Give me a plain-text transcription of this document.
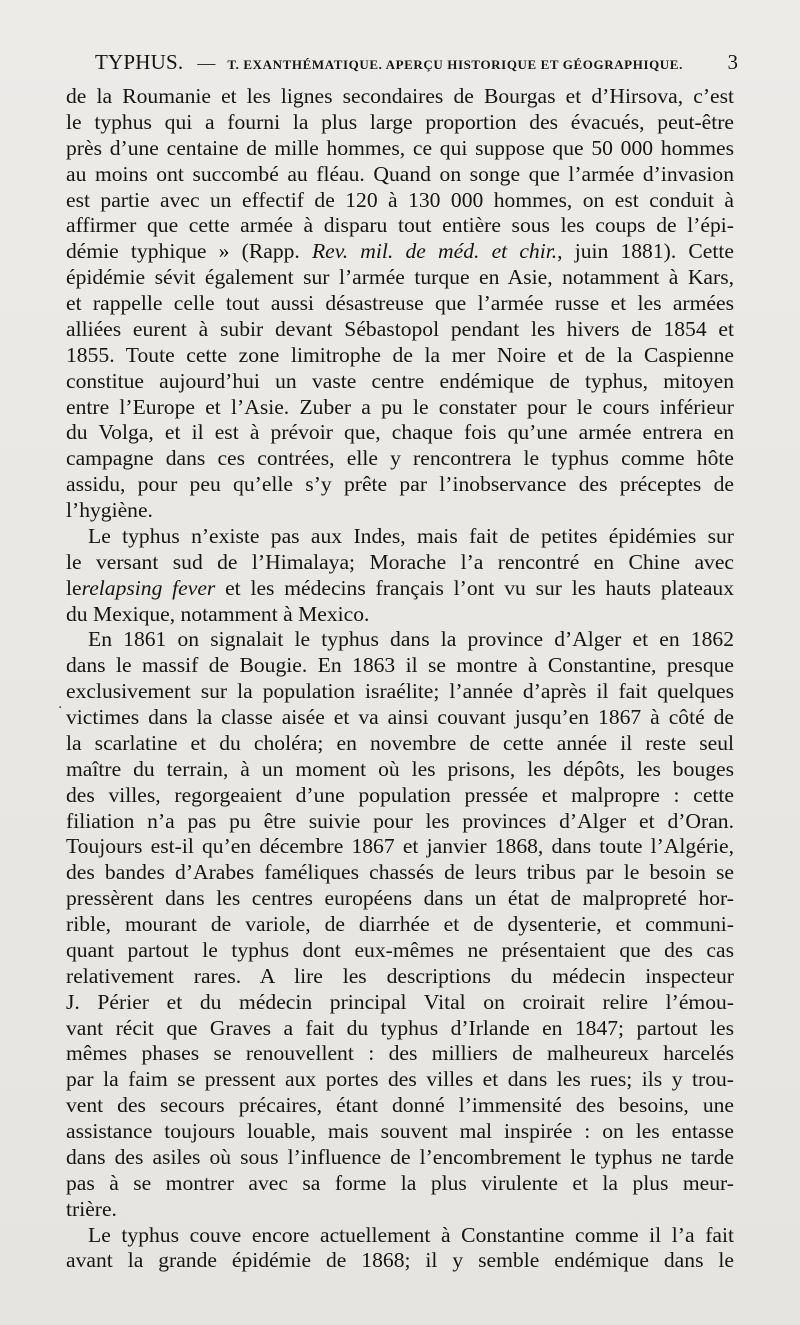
TYPHUS. — T. EXANTHÉMATIQUE. APERÇU HISTORIQUE ET GÉOGRAPHIQUE. 3
de la Roumanie et les lignes secondaires de Bourgas et d’Hirsova, c’est
le typhus qui a fourni la plus large proportion des évacués, peut-être
près d’une centaine de mille hommes, ce qui suppose que 50 000 hommes
au moins ont succombé au fléau. Quand on songe que l’armée d’invasion
est partie avec un effectif de 120 à 130 000 hommes, on est conduit à
affirmer que cette armée à disparu tout entière sous les coups de l’épi-
démie typhique » (Rapp. Rev. mil. de méd. et chir., juin 1881). Cette
épidémie sévit également sur l’armée turque en Asie, notamment à Kars,
et rappelle celle tout aussi désastreuse que l’armée russe et les armées
alliées eurent à subir devant Sébastopol pendant les hivers de 1854 et
1855. Toute cette zone limitrophe de la mer Noire et de la Caspienne
constitue aujourd’hui un vaste centre endémique de typhus, mitoyen
entre l’Europe et l’Asie. Zuber a pu le constater pour le cours inférieur
du Volga, et il est à prévoir que, chaque fois qu’une armée entrera en
campagne dans ces contrées, elle y rencontrera le typhus comme hôte
assidu, pour peu qu’elle s’y prête par l’inobservance des préceptes de
l’hygiène.
Le typhus n’existe pas aux Indes, mais fait de petites épidémies sur
le versant sud de l’Himalaya; Morache l’a rencontré en Chine avec
lerelapsing fever et les médecins français l’ont vu sur les hauts plateaux
du Mexique, notamment à Mexico.
En 1861 on signalait le typhus dans la province d’Alger et en 1862
dans le massif de Bougie. En 1863 il se montre à Constantine, presque
exclusivement sur la population israélite; l’année d’après il fait quelques
victimes dans la classe aisée et va ainsi couvant jusqu’en 1867 à côté de
la scarlatine et du choléra; en novembre de cette année il reste seul
maître du terrain, à un moment où les prisons, les dépôts, les bouges
des villes, regorgeaient d’une population pressée et malpropre : cette
filiation n’a pas pu être suivie pour les provinces d’Alger et d’Oran.
Toujours est-il qu’en décembre 1867 et janvier 1868, dans toute l’Algérie,
des bandes d’Arabes faméliques chassés de leurs tribus par le besoin se
pressèrent dans les centres européens dans un état de malpropreté hor-
rible, mourant de variole, de diarrhée et de dysenterie, et communi-
quant partout le typhus dont eux-mêmes ne présentaient que des cas
relativement rares. A lire les descriptions du médecin inspecteur
J. Périer et du médecin principal Vital on croirait relire l’émou-
vant récit que Graves a fait du typhus d’Irlande en 1847; partout les
mêmes phases se renouvellent : des milliers de malheureux harcelés
par la faim se pressent aux portes des villes et dans les rues; ils y trou-
vent des secours précaires, étant donné l’immensité des besoins, une
assistance toujours louable, mais souvent mal inspirée : on les entasse
dans des asiles où sous l’influence de l’encombrement le typhus ne tarde
pas à se montrer avec sa forme la plus virulente et la plus meur-
trière.
Le typhus couve encore actuellement à Constantine comme il l’a fait
avant la grande épidémie de 1868; il y semble endémique dans le
·
